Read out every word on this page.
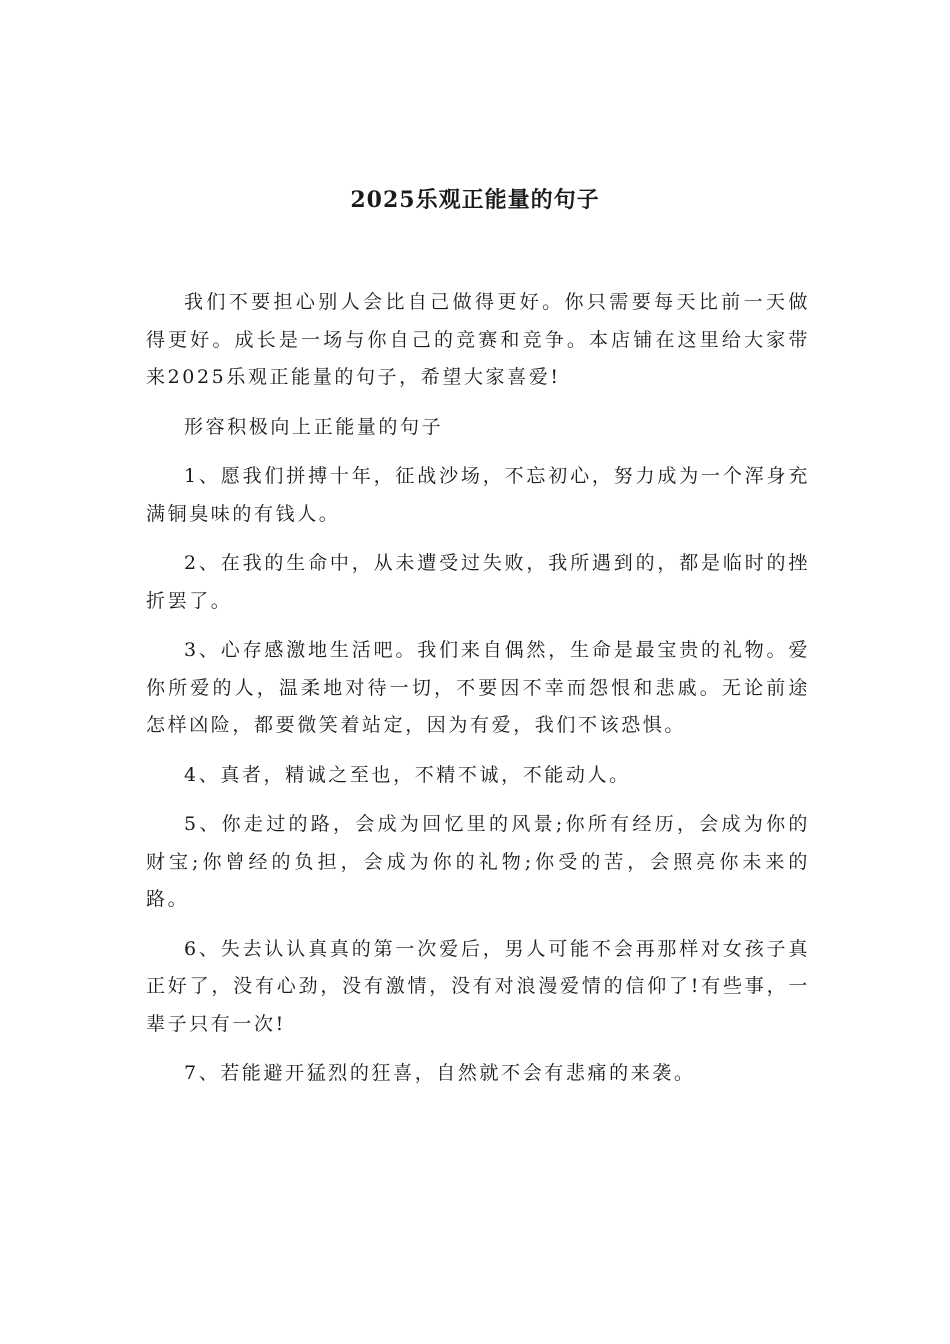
2025乐观正能量的句子

我们不要担心别人会比自己做得更好。你只需要每天比前一天做得更好。成长是一场与你自己的竞赛和竞争。本店铺在这里给大家带来2025乐观正能量的句子，希望大家喜爱!

形容积极向上正能量的句子

1、愿我们拼搏十年，征战沙场，不忘初心，努力成为一个浑身充满铜臭味的有钱人。

2、在我的生命中，从未遭受过失败，我所遇到的，都是临时的挫折罢了。

3、心存感激地生活吧。我们来自偶然，生命是最宝贵的礼物。爱你所爱的人，温柔地对待一切，不要因不幸而怨恨和悲戚。无论前途怎样凶险，都要微笑着站定，因为有爱，我们不该恐惧。

4、真者，精诚之至也，不精不诚，不能动人。

5、你走过的路，会成为回忆里的风景;你所有经历，会成为你的财宝;你曾经的负担，会成为你的礼物;你受的苦，会照亮你未来的路。

6、失去认认真真的第一次爱后，男人可能不会再那样对女孩子真正好了，没有心劲，没有激情，没有对浪漫爱情的信仰了!有些事，一辈子只有一次!

7、若能避开猛烈的狂喜，自然就不会有悲痛的来袭。
